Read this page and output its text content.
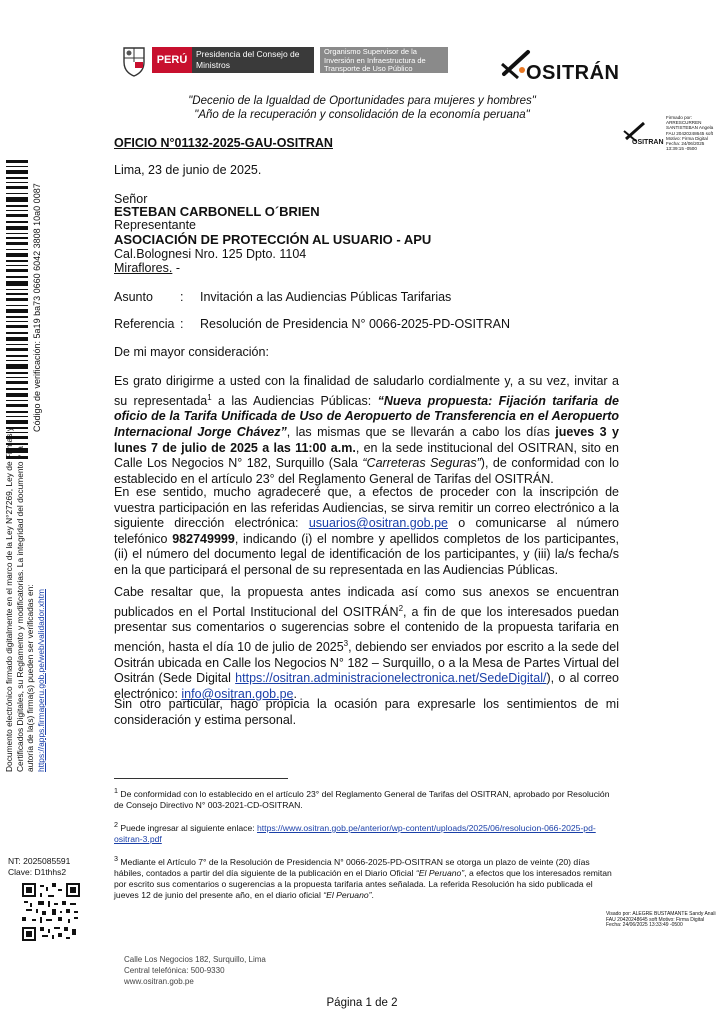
PERÚ	Presidencia del Consejo de Ministros
Organismo Supervisor de la Inversión en Infraestructura de Transporte de Uso Público	OSITRÁN
"Decenio de la Igualdad de Oportunidades para mujeres y hombres"
"Año de la recuperación y consolidación de la economía peruana"
OSITRAN
Firmado por: ARRESCURREN SANTISTEBAN Angela FAU 20420248645 soft Motivo: Firma Digital Fecha: 24/06/2025 13:39:15 -0500
OFICIO N°01132-2025-GAU-OSITRAN
Lima, 23 de junio de 2025.
Señor
ESTEBAN CARBONELL O´BRIEN
Representante
ASOCIACIÓN DE PROTECCIÓN AL USUARIO - APU
Cal.Bolognesi Nro. 125 Dpto. 1104
Miraflores. -
Asunto : Invitación a las Audiencias Públicas Tarifarias
Referencia : Resolución de Presidencia N° 0066-2025-PD-OSITRAN
De mi mayor consideración:
Es grato dirigirme a usted con la finalidad de saludarlo cordialmente y, a su vez, invitar a su representada$^1$ a las Audiencias Públicas: “Nueva propuesta: Fijación tarifaria de oficio de la Tarifa Unificada de Uso de Aeropuerto de Transferencia en el Aeropuerto Internacional Jorge Chávez”, las mismas que se llevarán a cabo los días jueves 3 y lunes 7 de julio de 2025 a las 11:00 a.m., en la sede institucional del OSITRAN, sito en Calle Los Negocios N° 182, Surquillo (Sala “Carreteras Seguras”), de conformidad con lo establecido en el artículo 23° del Reglamento General de Tarifas del OSITRÁN.
En ese sentido, mucho agradeceré que, a efectos de proceder con la inscripción de vuestra participación en las referidas Audiencias, se sirva remitir un correo electrónico a la siguiente dirección electrónica: usuarios@ositran.gob.pe o comunicarse al número telefónico 982749999, indicando (i) el nombre y apellidos completos de los participantes, (ii) el número del documento legal de identificación de los participantes, y (iii) la/s fecha/s en la que participará el personal de su representada en las Audiencias Públicas.
Cabe resaltar que, la propuesta antes indicada así como sus anexos se encuentran publicados en el Portal Institucional del OSITRÁN$^2$, a fin de que los interesados puedan presentar sus comentarios o sugerencias sobre el contenido de la propuesta tarifaria en mención, hasta el día 10 de julio de 2025$^3$, debiendo ser enviados por escrito a la sede del Ositrán ubicada en Calle los Negocios N° 182 – Surquillo, o a la Mesa de Partes Virtual del Ositrán (Sede Digital https://ositran.administracionelectronica.net/SedeDigital/), o al correo electrónico: info@ositran.gob.pe.
Sin otro particular, hago propicia la ocasión para expresarle los sentimientos de mi consideración y estima personal.
$^1$ De conformidad con lo establecido en el artículo 23° del Reglamento General de Tarifas del OSITRAN, aprobado por Resolución de Consejo Directivo N° 003-2021-CD-OSITRAN.
$^2$ Puede ingresar al siguiente enlace: https://www.ositran.gob.pe/anterior/wp-content/uploads/2025/06/resolucion-066-2025-pd-ositran-3.pdf
$^3$ Mediante el Artículo 7° de la Resolución de Presidencia N° 0066-2025-PD-OSITRAN se otorga un plazo de veinte (20) días hábiles, contados a partir del día siguiente de la publicación en el Diario Oficial “El Peruano”, a efectos que los interesados remitan por escrito sus comentarios o sugerencias a la propuesta tarifaria antes señalada. La referida Resolución ha sido publicada el jueves 12 de junio del presente año, en el diario oficial “El Peruano”.
Visado por: ALEGRE BUSTAMANTE Sandy Anali FAU 20420248645 soft Motivo: Firma Digital Fecha: 24/06/2025 13:33:49 -0500
Calle Los Negocios 182, Surquillo, Lima
Central telefónica: 500-9330
www.ositran.gob.pe
Página 1 de 2
Código de verificación: 5a19 ba73 0660 6042 3808 10a0 0087
Documento electrónico firmado digitalmente en el marco de la Ley N°27269, Ley de Firmas y Certificados Digitales, su Reglamento y modificatorias. La integridad del documento y la autoría de la(s) firma(s) pueden ser verificadas en: https://apps.firmaperu.gob.pe/web/validador.xhtm
NT: 2025085591
Clave: D1thhs2
